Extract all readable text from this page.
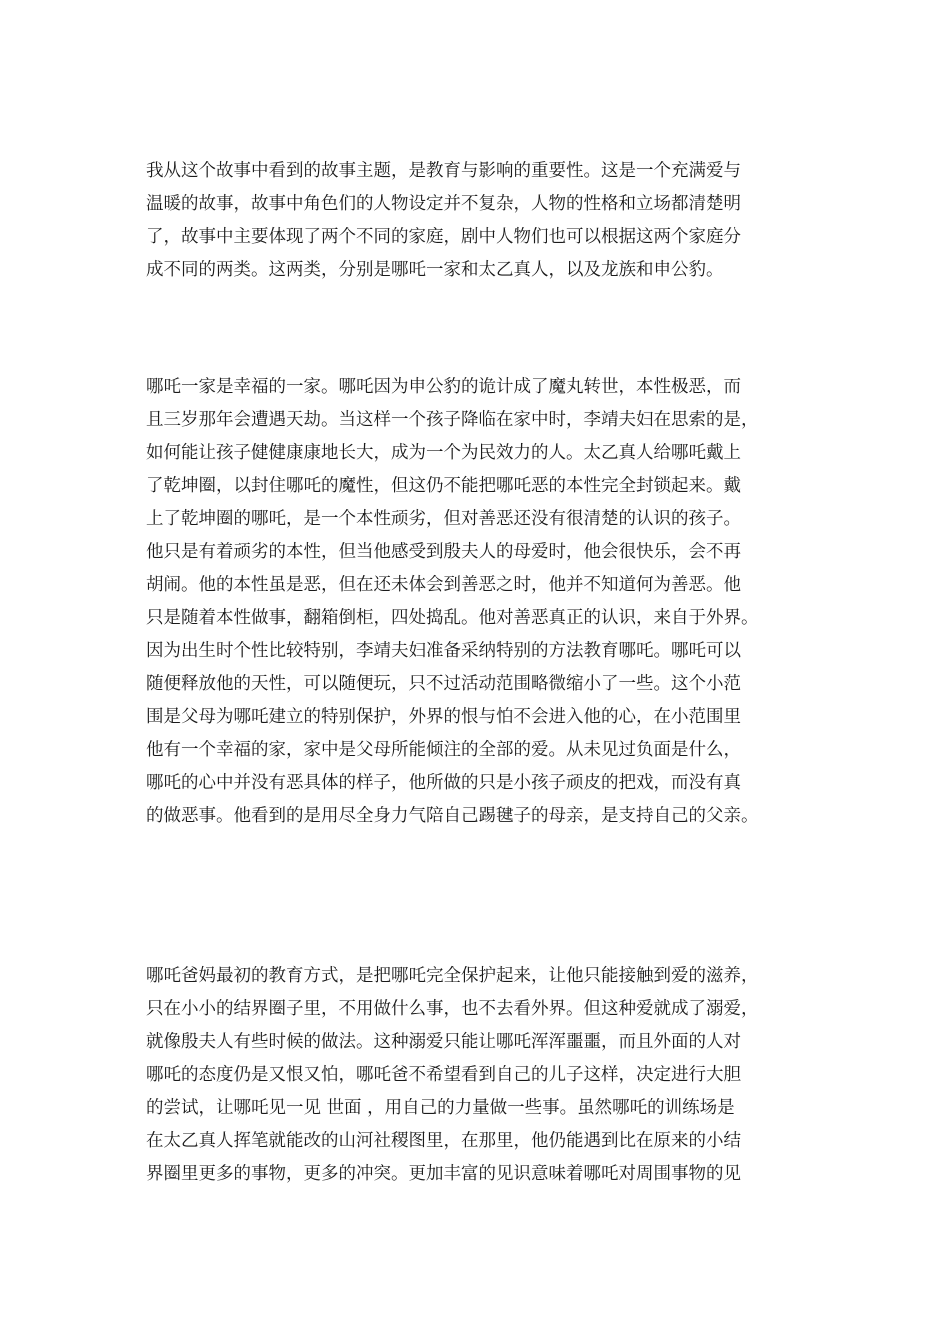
我从这个故事中看到的故事主题，是教育与影响的重要性。这是一个充满爱与
温暖的故事，故事中角色们的人物设定并不复杂，人物的性格和立场都清楚明
了，故事中主要体现了两个不同的家庭，剧中人物们也可以根据这两个家庭分
成不同的两类。这两类，分别是哪吒一家和太乙真人，以及龙族和申公豹。
哪吒一家是幸福的一家。哪吒因为申公豹的诡计成了魔丸转世，本性极恶，而
且三岁那年会遭遇天劫。当这样一个孩子降临在家中时，李靖夫妇在思索的是，
如何能让孩子健健康康地长大，成为一个为民效力的人。太乙真人给哪吒戴上
了乾坤圈，以封住哪吒的魔性，但这仍不能把哪吒恶的本性完全封锁起来。戴
上了乾坤圈的哪吒，是一个本性顽劣，但对善恶还没有很清楚的认识的孩子。
他只是有着顽劣的本性，但当他感受到殷夫人的母爱时，他会很快乐，会不再
胡闹。他的本性虽是恶，但在还未体会到善恶之时，他并不知道何为善恶。他
只是随着本性做事，翻箱倒柜，四处捣乱。他对善恶真正的认识，来自于外界。
因为出生时个性比较特别，李靖夫妇准备采纳特别的方法教育哪吒。哪吒可以
随便释放他的天性，可以随便玩，只不过活动范围略微缩小了一些。这个小范
围是父母为哪吒建立的特别保护，外界的恨与怕不会进入他的心，在小范围里
他有一个幸福的家，家中是父母所能倾注的全部的爱。从未见过负面是什么，
哪吒的心中并没有恶具体的样子，他所做的只是小孩子顽皮的把戏，而没有真
的做恶事。他看到的是用尽全身力气陪自己踢毽子的母亲，是支持自己的父亲。
哪吒爸妈最初的教育方式，是把哪吒完全保护起来，让他只能接触到爱的滋养，
只在小小的结界圈子里，不用做什么事，也不去看外界。但这种爱就成了溺爱，
就像殷夫人有些时候的做法。这种溺爱只能让哪吒浑浑噩噩，而且外面的人对
哪吒的态度仍是又恨又怕，哪吒爸不希望看到自己的儿子这样，决定进行大胆
的尝试，让哪吒见一见 世面 ，用自己的力量做一些事。虽然哪吒的训练场是
在太乙真人挥笔就能改的山河社稷图里，在那里，他仍能遇到比在原来的小结
界圈里更多的事物，更多的冲突。更加丰富的见识意味着哪吒对周围事物的见
